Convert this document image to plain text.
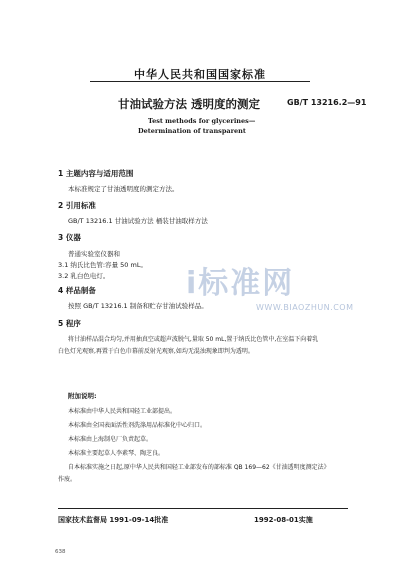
中华人民共和国国家标准
甘油试验方法 透明度的测定	GB/T 13216.2—91
Test methods for glycerines—
Determination of transparent
1 主题内容与适用范围
本标准规定了甘油透明度的测定方法。
2 引用标准
GB/T 13216.1 甘油试验方法 桶装甘油取样方法
3 仪器
普通实验室仪器和
3.1 纳氏比色管:容量 50 mL。
3.2 乳白色电灯。
4 样品制备
按照 GB/T 13216.1 制备和贮存甘油试验样品。
5 程序
将甘油样品混合均匀,并用抽真空或超声波脱气,量取 50 mL,置于纳氏比色管中,在室温下向着乳
白色灯光观察,再置于白色巾幕前反射光观察,如均无混浊现象即判为透明。
i标准网
WWW.BIAOZHUN.COM
附加说明:
本标准由中华人民共和国轻工业部提出。
本标准由全国表面活性剂洗涤用品标准化中心归口。
本标准由上海制皂厂负责起草。
本标准主要起草人李素琴、陶芝良。
自本标准实施之日起,原中华人民共和国轻工业部发布的部标准 QB 169—62《甘油透明度测定法》
作废。
国家技术监督局 1991-09-14批准	1992-08-01实施
638
